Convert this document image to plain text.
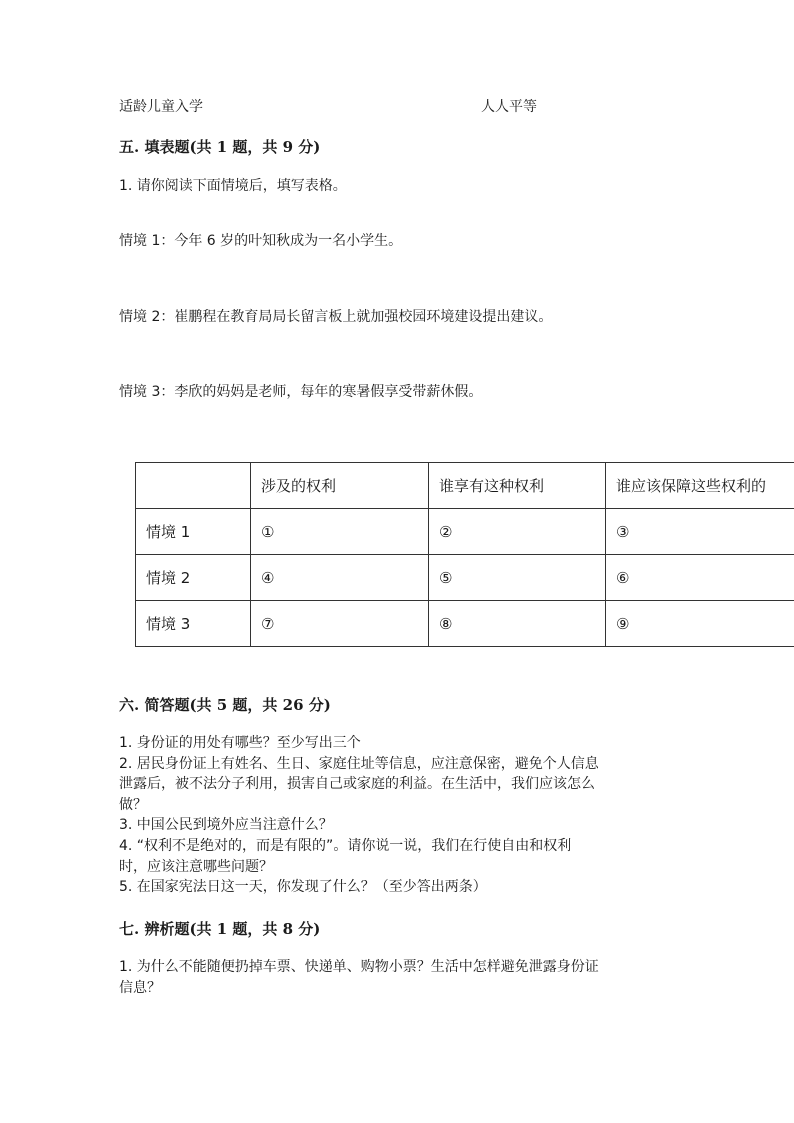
适龄儿童入学	人人平等
五. 填表题(共 1 题，共 9 分)
1. 请你阅读下面情境后，填写表格。
情境 1：今年 6 岁的叶知秋成为一名小学生。
情境 2：崔鹏程在教育局局长留言板上就加强校园环境建设提出建议。
情境 3：李欣的妈妈是老师，每年的寒暑假享受带薪休假。
	涉及的权利	谁享有这种权利	谁应该保障这些权利的
情境 1	①	②	③
情境 2	④	⑤	⑥
情境 3	⑦	⑧	⑨
六. 简答题(共 5 题，共 26 分)
1. 身份证的用处有哪些？至少写出三个
2. 居民身份证上有姓名、生日、家庭住址等信息，应注意保密，避免个人信息
泄露后，被不法分子利用，损害自己或家庭的利益。在生活中，我们应该怎么
做？
3. 中国公民到境外应当注意什么？
4. “权利不是绝对的，而是有限的”。请你说一说，我们在行使自由和权利
时，应该注意哪些问题？
5. 在国家宪法日这一天，你发现了什么？（至少答出两条）
七. 辨析题(共 1 题，共 8 分)
1. 为什么不能随便扔掉车票、快递单、购物小票？生活中怎样避免泄露身份证
信息？
